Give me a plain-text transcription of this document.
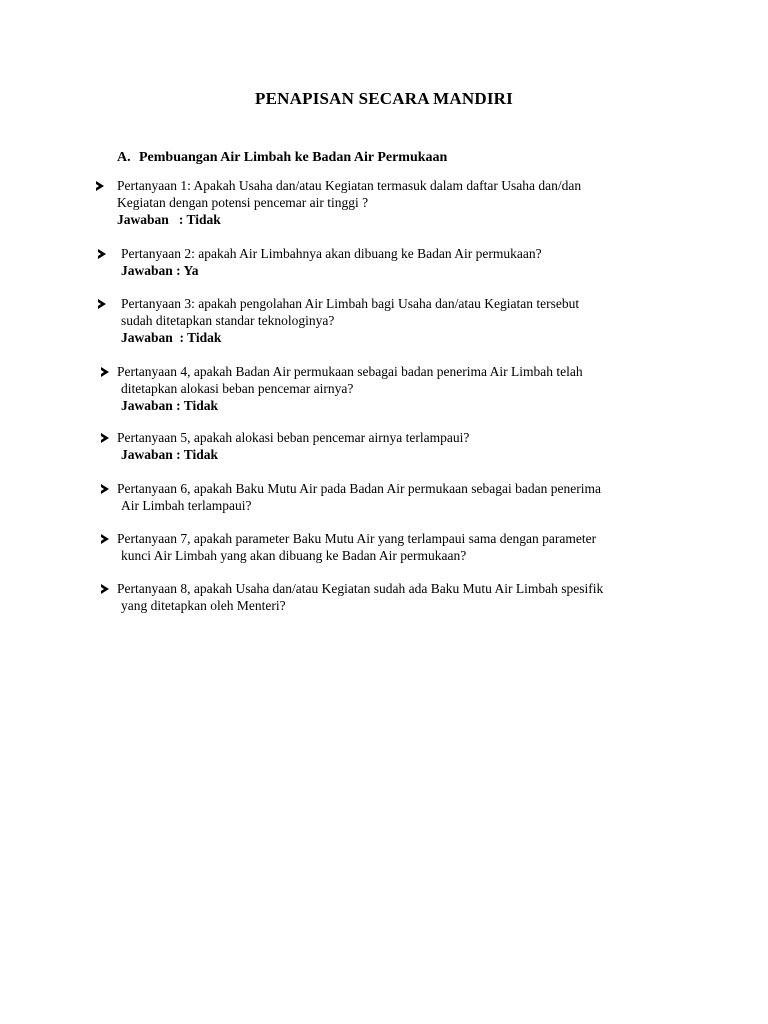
PENAPISAN SECARA MANDIRI
A. Pembuangan Air Limbah ke Badan Air Permukaan
Pertanyaan 1: Apakah Usaha dan/atau Kegiatan termasuk dalam daftar Usaha dan/dan
Kegiatan dengan potensi pencemar air tinggi ?
Jawaban   : Tidak
Pertanyaan 2: apakah Air Limbahnya akan dibuang ke Badan Air permukaan?
Jawaban : Ya
Pertanyaan 3: apakah pengolahan Air Limbah bagi Usaha dan/atau Kegiatan tersebut
sudah ditetapkan standar teknologinya?
Jawaban  : Tidak
Pertanyaan 4, apakah Badan Air permukaan sebagai badan penerima Air Limbah telah
ditetapkan alokasi beban pencemar airnya?
Jawaban : Tidak
Pertanyaan 5, apakah alokasi beban pencemar airnya terlampaui?
Jawaban : Tidak
Pertanyaan 6, apakah Baku Mutu Air pada Badan Air permukaan sebagai badan penerima
Air Limbah terlampaui?
Pertanyaan 7, apakah parameter Baku Mutu Air yang terlampaui sama dengan parameter
kunci Air Limbah yang akan dibuang ke Badan Air permukaan?
Pertanyaan 8, apakah Usaha dan/atau Kegiatan sudah ada Baku Mutu Air Limbah spesifik
yang ditetapkan oleh Menteri?
